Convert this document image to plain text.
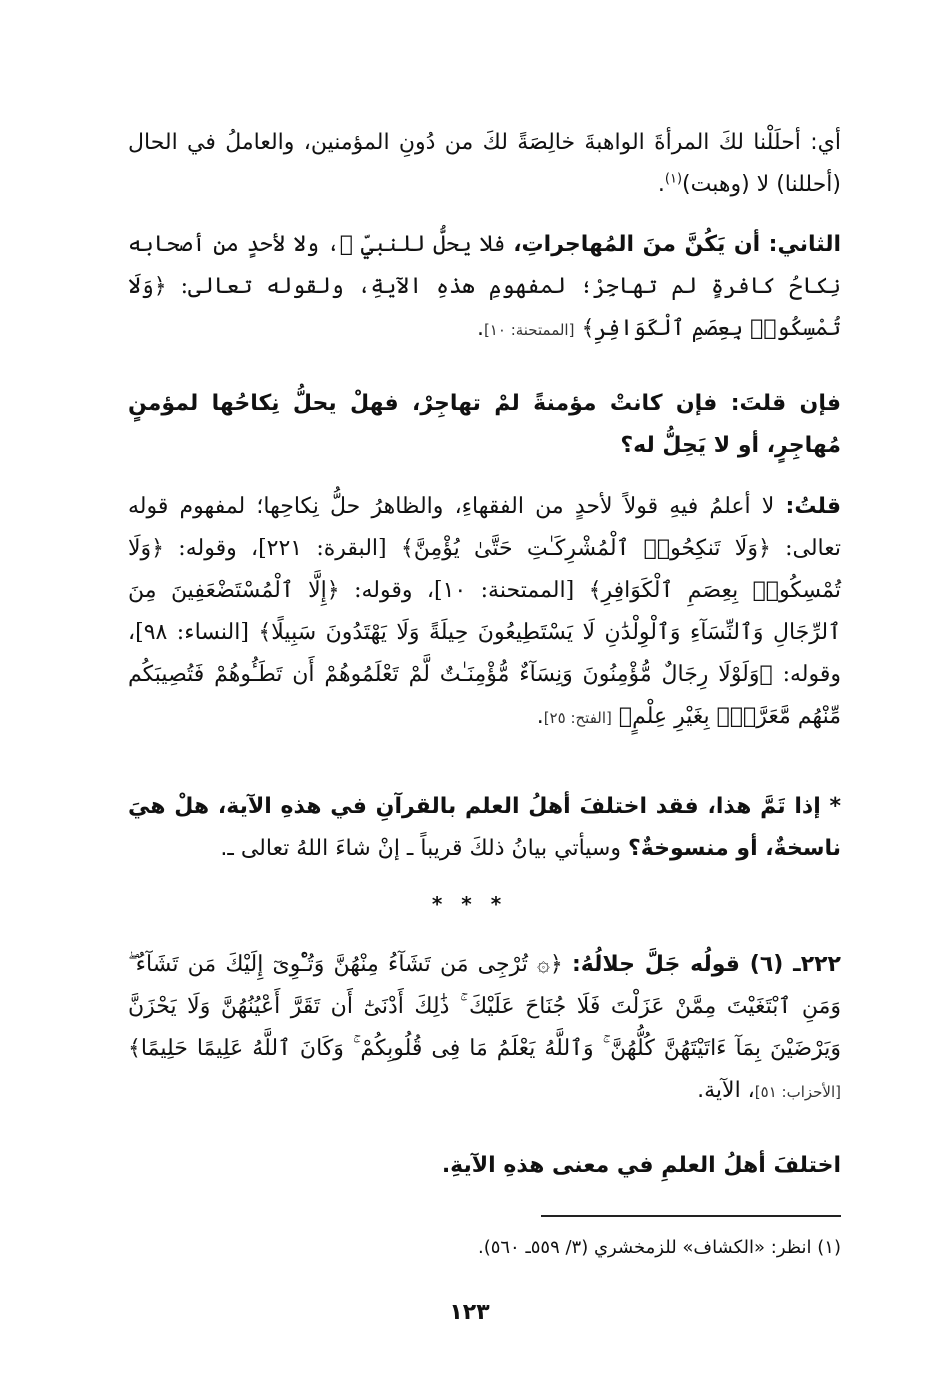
أي: أحلَلْنا لكَ المرأةَ الواهبةَ خالِصَةً لكَ من دُونِ المؤمنين، والعاملُ في الحال (أحللنا) لا (وهبت)$^{(١)}$.

الثاني: أن يَكُنَّ منَ المُهاجراتِ، فلا يحلُّ للنبيِّ ﷺ، ولا لأحدٍ من أصحابه نِكاحُ كافرةٍ لم تهاجِرْ؛ لمفهومِ هذهِ الآيةِ، ولقوله تعالى: ﴿وَلَا تُمْسِكُوا۟ بِعِصَمِ ٱلْكَوَافِرِ﴾ [الممتحنة: ١٠].

فإن قلتَ: فإن كانتْ مؤمنةً لمْ تهاجِرْ، فهلْ يحلُّ نِكاحُها لمؤمنٍ مُهاجِرٍ، أو لا يَحِلُّ له؟

قلتُ: لا أعلمُ فيهِ قولاً لأحدٍ من الفقهاءِ، والظاهرُ حلُّ نِكاحِها؛ لمفهوم قوله تعالى: ﴿وَلَا تَنكِحُوا۟ ٱلْمُشْرِكَـٰتِ حَتَّىٰ يُؤْمِنَّ﴾ [البقرة: ٢٢١]، وقوله: ﴿وَلَا تُمْسِكُوا۟ بِعِصَمِ ٱلْكَوَافِرِ﴾ [الممتحنة: ١٠]، وقوله: ﴿إِلَّا ٱلْمُسْتَضْعَفِينَ مِنَ ٱلرِّجَالِ وَٱلنِّسَآءِ وَٱلْوِلْدَٰنِ لَا يَسْتَطِيعُونَ حِيلَةً وَلَا يَهْتَدُونَ سَبِيلًا﴾ [النساء: ٩٨]، وقوله: ﴿وَلَوْلَا رِجَالٌ مُّؤْمِنُونَ وَنِسَآءٌ مُّؤْمِنَـٰتٌ لَّمْ تَعْلَمُوهُمْ أَن تَطَـُٔوهُمْ فَتُصِيبَكُم مِّنْهُم مَّعَرَّةٌۢ بِغَيْرِ عِلْمٍ﴾ [الفتح: ٢٥].

* إذا تَمَّ هذا، فقد اختلفَ أهلُ العلم بالقرآنِ في هذهِ الآية، هلْ هيَ ناسخةٌ، أو منسوخةٌ؟ وسيأتي بيانُ ذلكَ قريباً ـ إنْ شاءَ اللهُ تعالى ـ.

* * *

٢٢٢ـ (٦) قولُه جَلَّ جلالُهُ: ﴿۞ تُرْجِى مَن تَشَآءُ مِنْهُنَّ وَتُـْٔوِىٓ إِلَيْكَ مَن تَشَآءُ ۖ وَمَنِ ٱبْتَغَيْتَ مِمَّنْ عَزَلْتَ فَلَا جُنَاحَ عَلَيْكَ ۚ ذَٰلِكَ أَدْنَىٰٓ أَن تَقَرَّ أَعْيُنُهُنَّ وَلَا يَحْزَنَّ وَيَرْضَيْنَ بِمَآ ءَاتَيْتَهُنَّ كُلُّهُنَّ ۚ وَٱللَّهُ يَعْلَمُ مَا فِى قُلُوبِكُمْ ۚ وَكَانَ ٱللَّهُ عَلِيمًا حَلِيمًا﴾ [الأحزاب: ٥١]، الآية.

اختلفَ أهلُ العلمِ في معنى هذهِ الآيةِ.

(١) انظر: «الكشاف» للزمخشري (٣/ ٥٥٩ـ ٥٦٠).
١٢٣
